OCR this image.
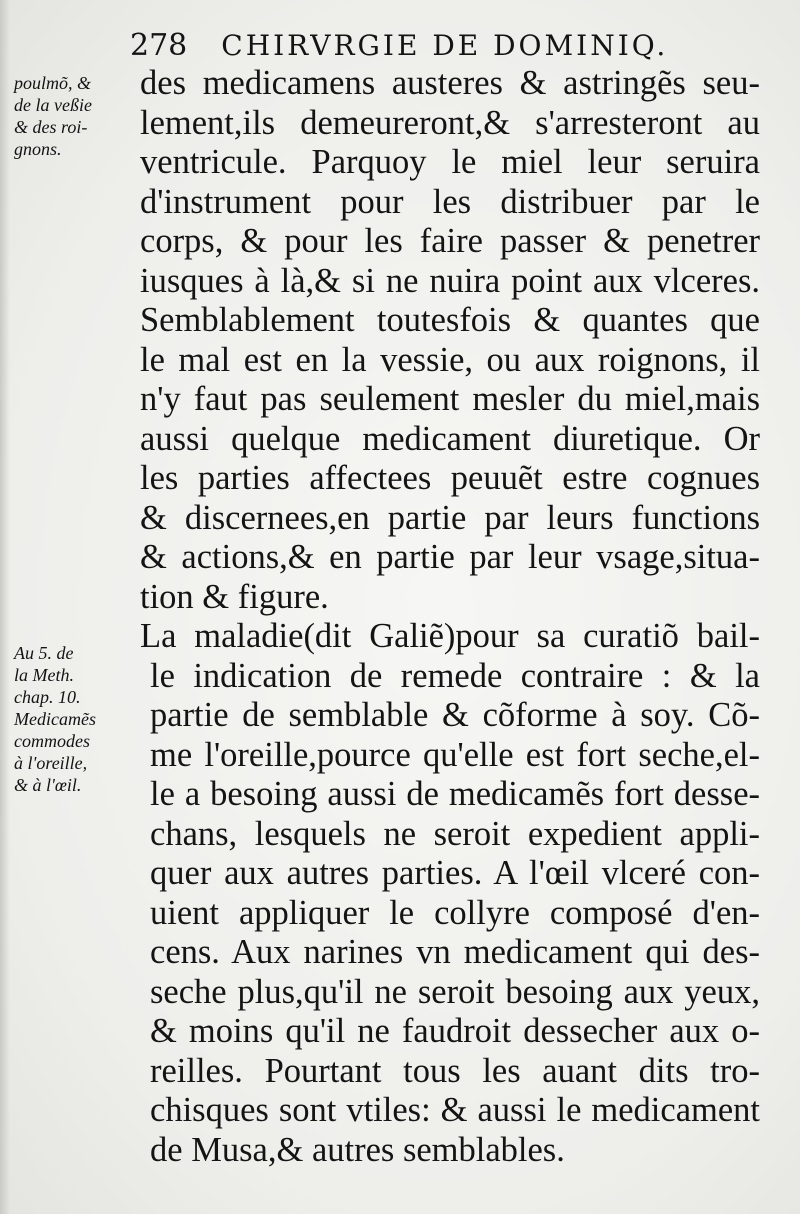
278 CHIRVRGIE DE DOMINIQ.
poulmõ, &
de la veßie
& des roi-
gnons.
Au 5. de
la Meth.
chap. 10.
Medicamẽs
commodes
à l'oreille,
& à l'œil.
des medicamens austeres & astringẽs seu-
lement,ils demeureront,& s'arresteront au
ventricule. Parquoy le miel leur seruira
d'instrument pour les distribuer par le
corps, & pour les faire passer & penetrer
iusques à là,& si ne nuira point aux vlceres.
Semblablement toutesfois & quantes que
le mal est en la vessie, ou aux roignons, il
n'y faut pas seulement mesler du miel,mais
aussi quelque medicament diuretique. Or
les parties affectees peuuẽt estre cognues
& discernees,en partie par leurs functions
& actions,& en partie par leur vsage,situa-
tion & figure.
La maladie(dit Galiẽ)pour sa curatiõ bail-
le indication de remede contraire : & la
partie de semblable & cõforme à soy. Cõ-
me l'oreille,pource qu'elle est fort seche,el-
le a besoing aussi de medicamẽs fort desse-
chans, lesquels ne seroit expedient appli-
quer aux autres parties. A l'œil vlceré con-
uient appliquer le collyre composé d'en-
cens. Aux narines vn medicament qui des-
seche plus,qu'il ne seroit besoing aux yeux,
& moins qu'il ne faudroit dessecher aux o-
reilles. Pourtant tous les auant dits tro-
chisques sont vtiles: & aussi le medicament
de Musa,& autres semblables.
